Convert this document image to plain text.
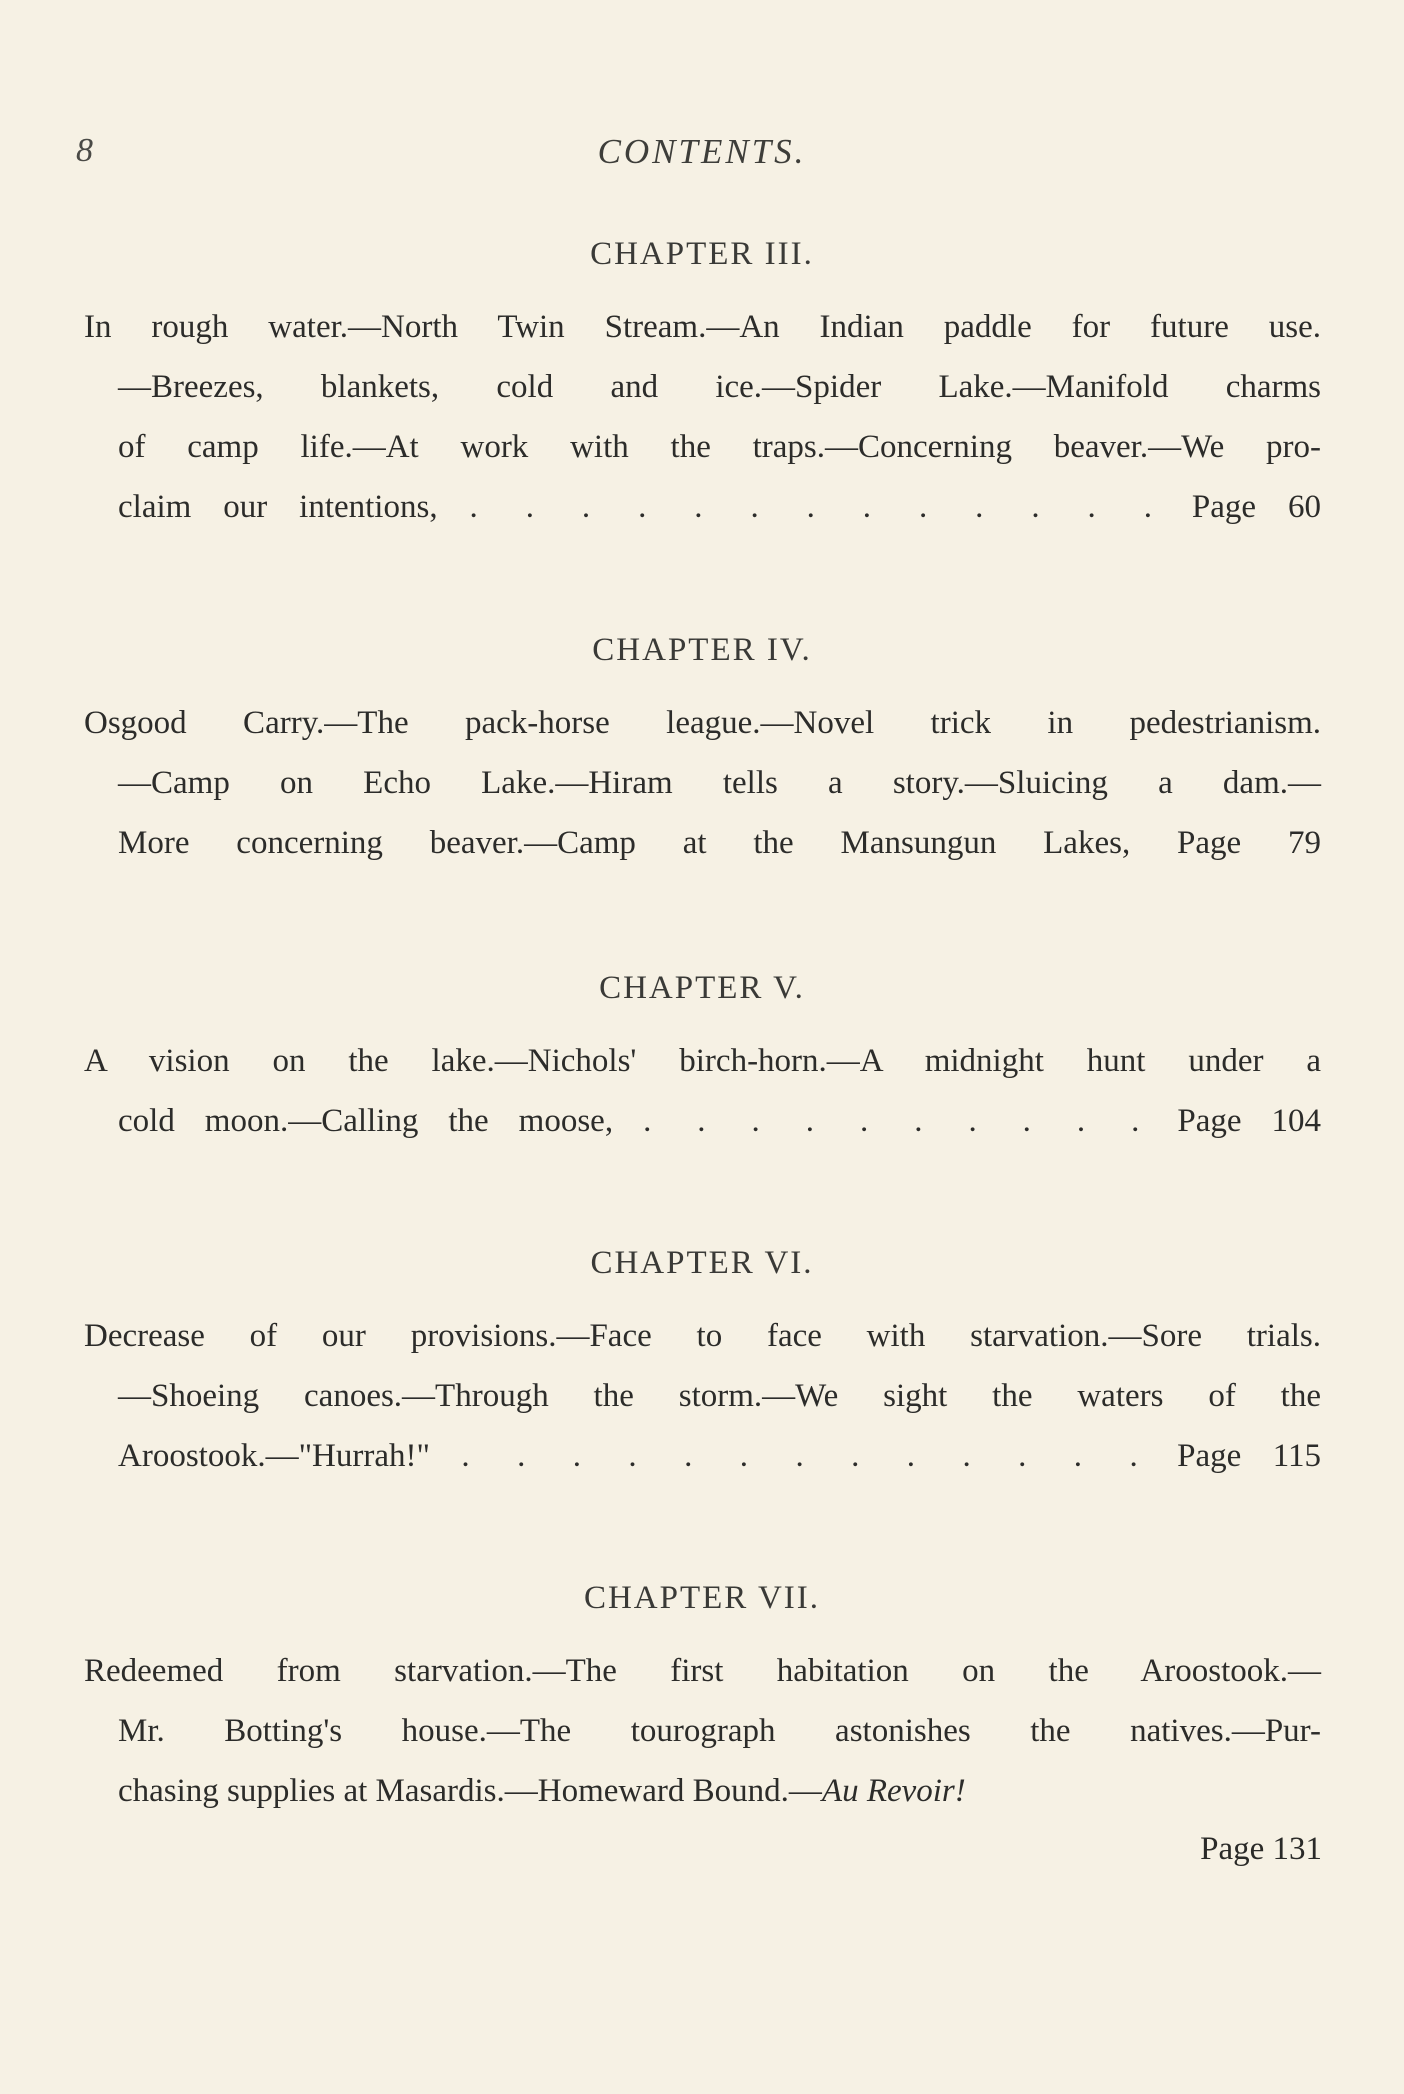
8	CONTENTS.
CHAPTER III.
In rough water.—North Twin Stream.—An Indian paddle for future use.
—Breezes, blankets, cold and ice.—Spider Lake.—Manifold charms
of camp life.—At work with the traps.—Concerning beaver.—We pro-
claim our intentions, . . . . . . . . . . . . . Page 60
CHAPTER IV.
Osgood Carry.—The pack-horse league.—Novel trick in pedestrianism.
—Camp on Echo Lake.—Hiram tells a story.—Sluicing a dam.—
More concerning beaver.—Camp at the Mansungun Lakes, Page 79
CHAPTER V.
A vision on the lake.—Nichols' birch-horn.—A midnight hunt under a
cold moon.—Calling the moose, . . . . . . . . . . Page 104
CHAPTER VI.
Decrease of our provisions.—Face to face with starvation.—Sore trials.
—Shoeing canoes.—Through the storm.—We sight the waters of the
Aroostook.—"Hurrah!" . . . . . . . . . . . . . Page 115
CHAPTER VII.
Redeemed from starvation.—The first habitation on the Aroostook.—
Mr. Botting's house.—The tourograph astonishes the natives.—Pur-
chasing supplies at Masardis.—Homeward Bound.—Au Revoir!
Page 131
